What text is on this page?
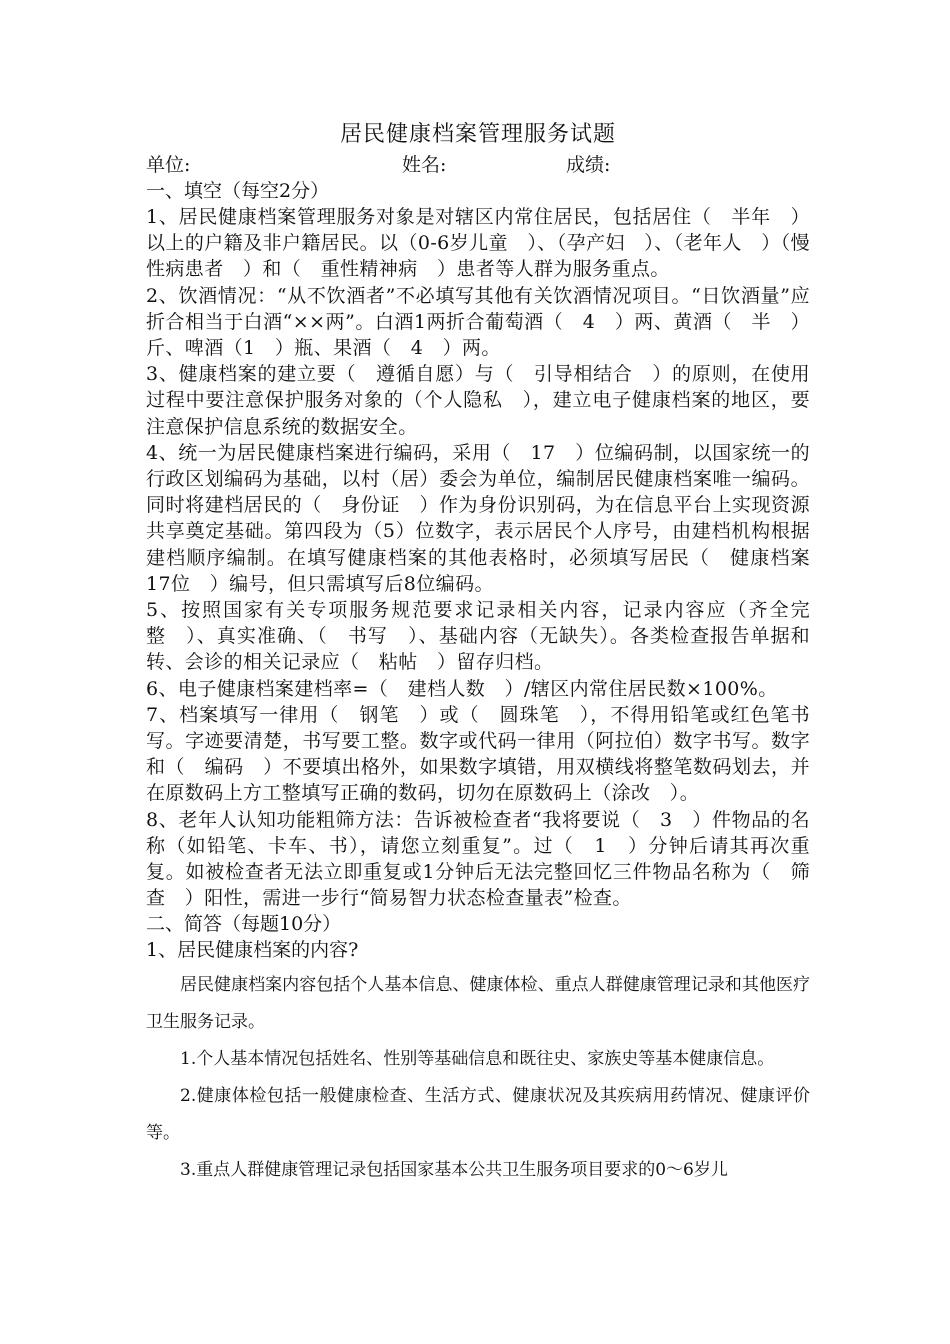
居民健康档案管理服务试题
单位:	姓名:	成绩:

一、填空（每空2分）

1、居民健康档案管理服务对象是对辖区内常住居民，包括居住（　半年　）以上的户籍及非户籍居民。以（0-6岁儿童　）、（孕产妇　）、（老年人　）（慢性病患者　）和（　重性精神病　）患者等人群为服务重点。

2、饮酒情况：“从不饮酒者”不必填写其他有关饮酒情况项目。“日饮酒量”应折合相当于白酒“××两”。白酒1两折合葡萄酒（　4　）两、黄酒（　半　）斤、啤酒（1　）瓶、果酒（　4　）两。

3、健康档案的建立要（　遵循自愿）与（　引导相结合　）的原则，在使用过程中要注意保护服务对象的（个人隐私　），建立电子健康档案的地区，要注意保护信息系统的数据安全。

4、统一为居民健康档案进行编码，采用（　17　）位编码制，以国家统一的行政区划编码为基础，以村（居）委会为单位，编制居民健康档案唯一编码。同时将建档居民的（　身份证　）作为身份识别码，为在信息平台上实现资源共享奠定基础。第四段为（5）位数字，表示居民个人序号，由建档机构根据建档顺序编制。在填写健康档案的其他表格时，必须填写居民（　健康档案17位　）编号，但只需填写后8位编码。

5、按照国家有关专项服务规范要求记录相关内容，记录内容应（齐全完整　）、真实准确、（　书写　）、基础内容（无缺失）。各类检查报告单据和转、会诊的相关记录应（　粘帖　）留存归档。

6、电子健康档案建档率=（　建档人数　）/辖区内常住居民数×100%。

7、档案填写一律用（　钢笔　）或（　圆珠笔　），不得用铅笔或红色笔书写。字迹要清楚，书写要工整。数字或代码一律用（阿拉伯）数字书写。数字和（　编码　）不要填出格外，如果数字填错，用双横线将整笔数码划去，并在原数码上方工整填写正确的数码，切勿在原数码上（涂改　）。

8、老年人认知功能粗筛方法：告诉被检查者“我将要说（　3　）件物品的名称（如铅笔、卡车、书），请您立刻重复”。过（　1　）分钟后请其再次重复。如被检查者无法立即重复或1分钟后无法完整回忆三件物品名称为（　筛查　）阳性，需进一步行“简易智力状态检查量表”检查。

二、简答（每题10分）

1、居民健康档案的内容?

居民健康档案内容包括个人基本信息、健康体检、重点人群健康管理记录和其他医疗卫生服务记录。

1.个人基本情况包括姓名、性别等基础信息和既往史、家族史等基本健康信息。

2.健康体检包括一般健康检查、生活方式、健康状况及其疾病用药情况、健康评价等。

3.重点人群健康管理记录包括国家基本公共卫生服务项目要求的0～6岁儿
